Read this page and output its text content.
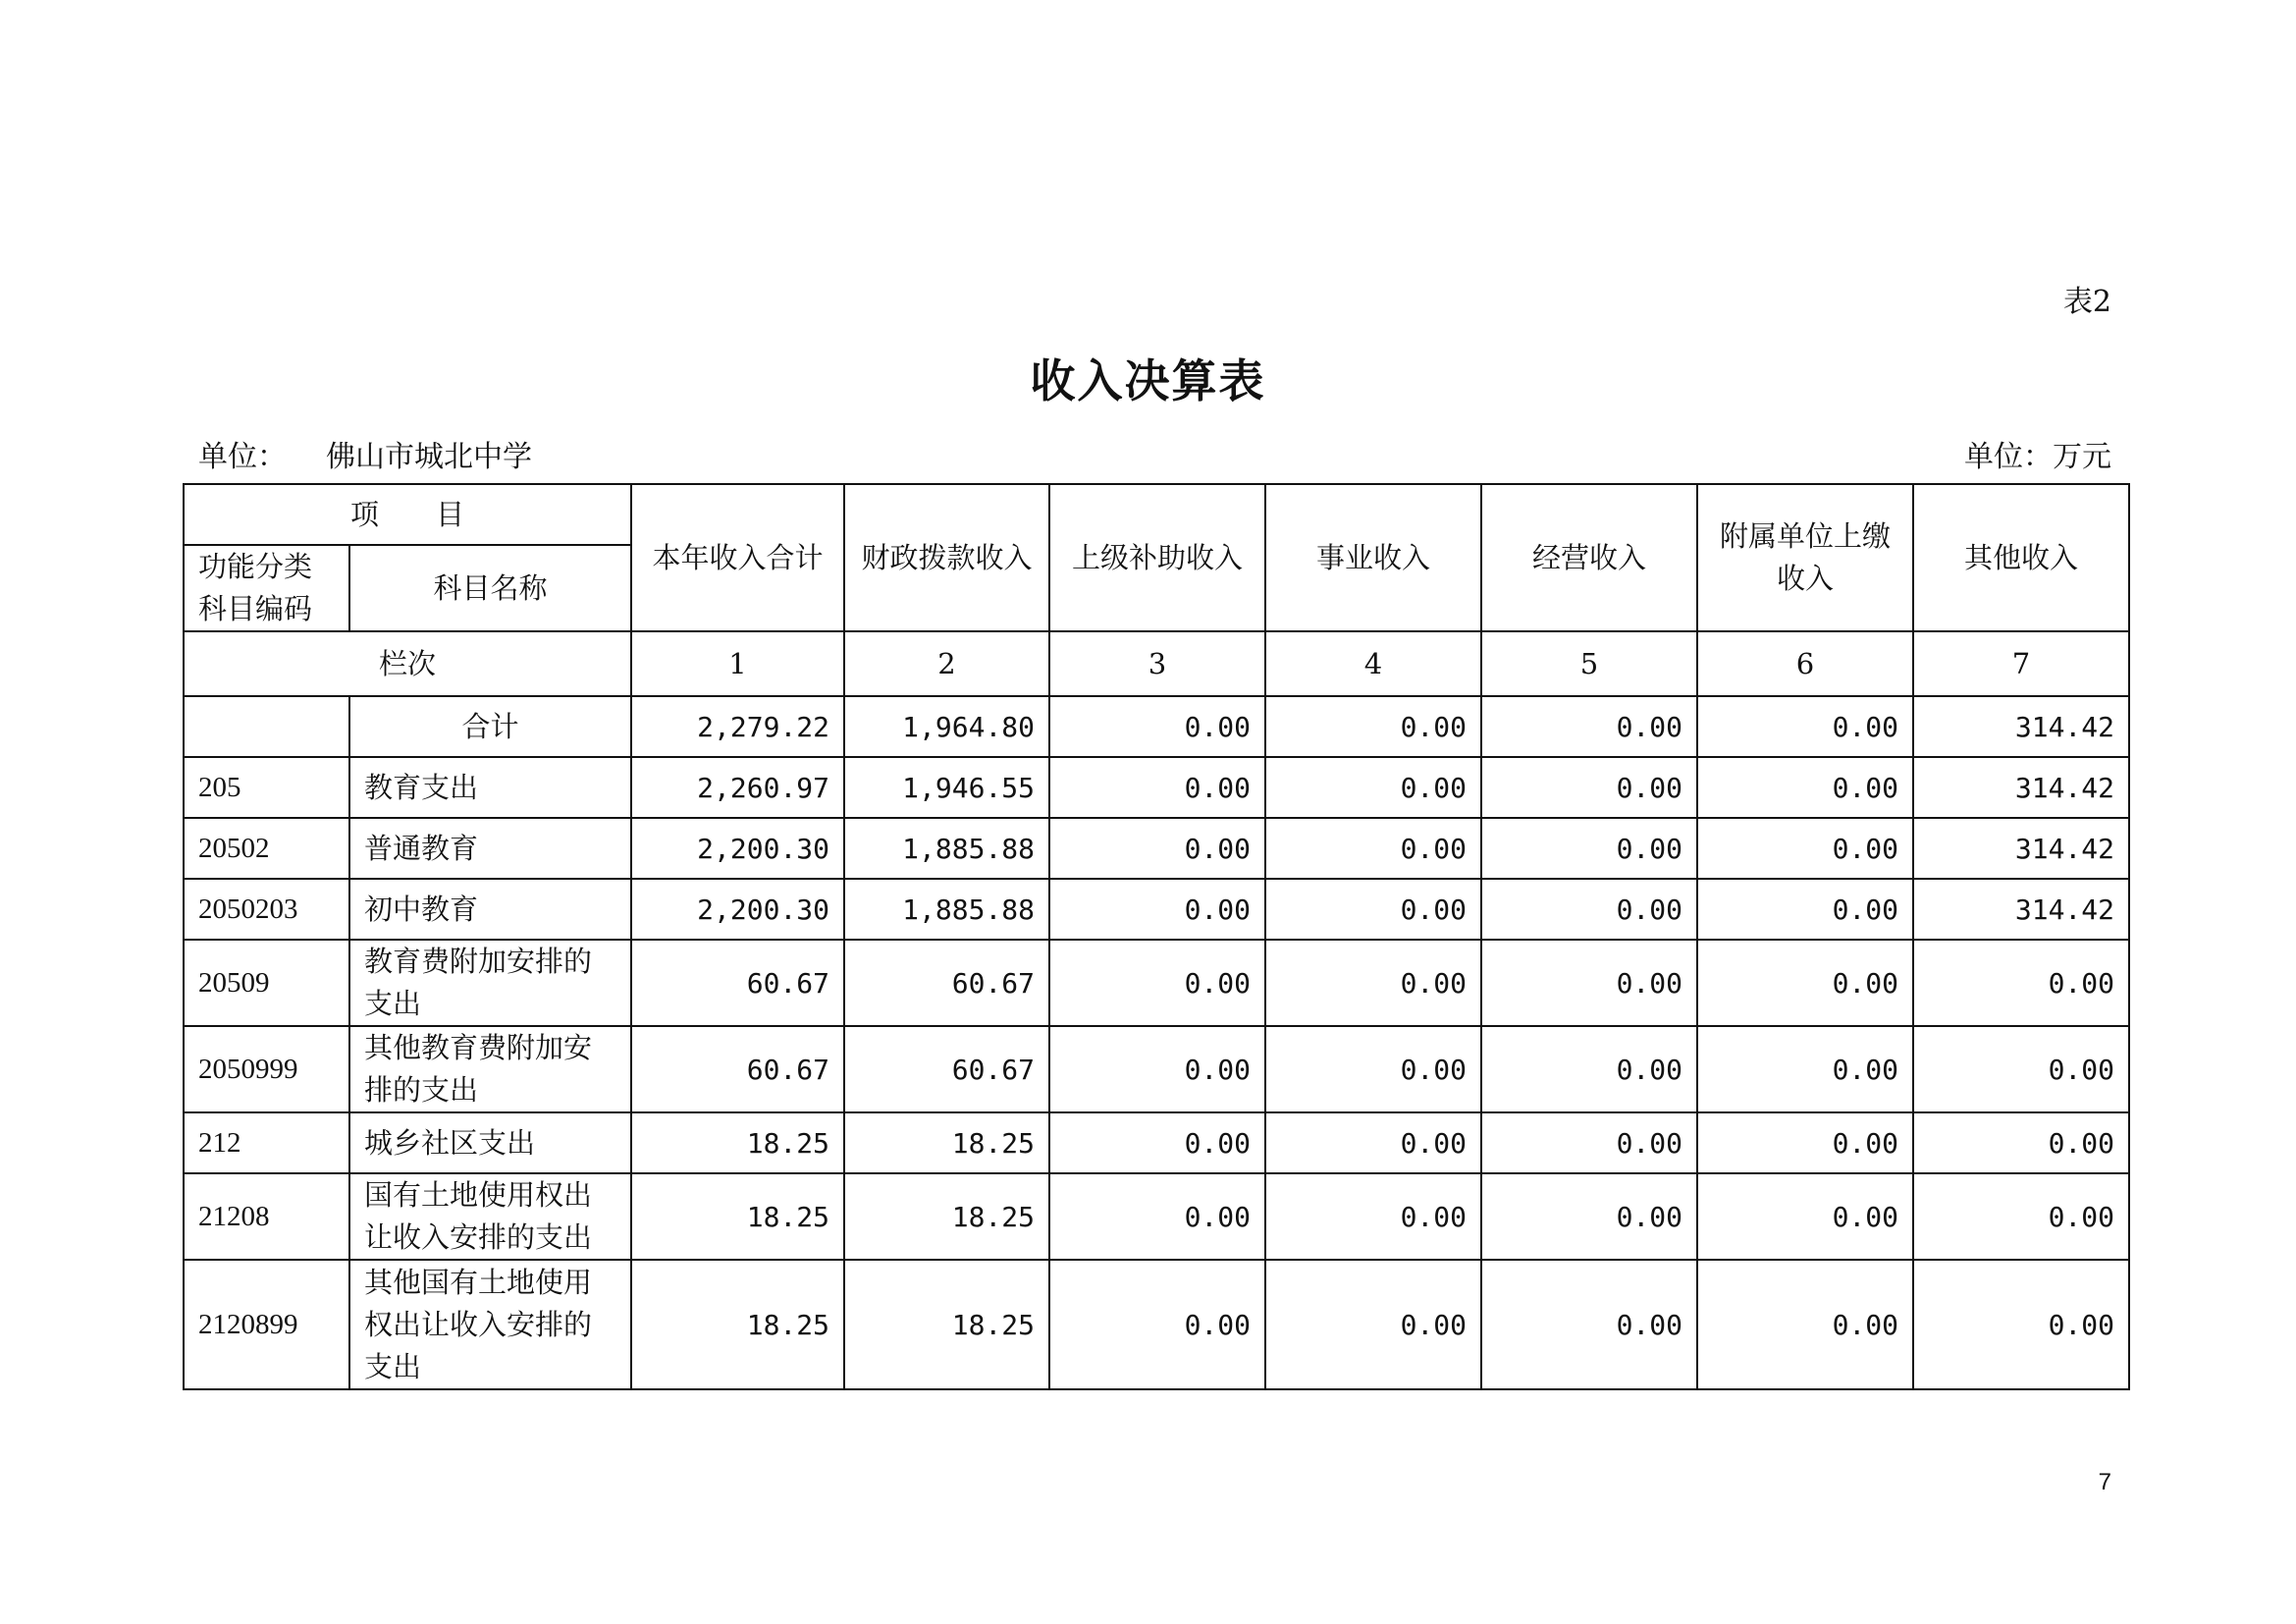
表2
收入决算表
单位： 佛山市城北中学	单位：万元
项　　目		本年收入合计	财政拨款收入	上级补助收入	事业收入	经营收入	附属单位上缴收入	其他收入
功能分类科目编码	科目名称							
栏次		1	2	3	4	5	6	7
	合计	2,279.22	1,964.80	0.00	0.00	0.00	0.00	314.42
205	教育支出	2,260.97	1,946.55	0.00	0.00	0.00	0.00	314.42
20502	普通教育	2,200.30	1,885.88	0.00	0.00	0.00	0.00	314.42
2050203	初中教育	2,200.30	1,885.88	0.00	0.00	0.00	0.00	314.42
20509	教育费附加安排的支出	60.67	60.67	0.00	0.00	0.00	0.00	0.00
2050999	其他教育费附加安排的支出	60.67	60.67	0.00	0.00	0.00	0.00	0.00
212	城乡社区支出	18.25	18.25	0.00	0.00	0.00	0.00	0.00
21208	国有土地使用权出让收入安排的支出	18.25	18.25	0.00	0.00	0.00	0.00	0.00
2120899	其他国有土地使用权出让收入安排的支出	18.25	18.25	0.00	0.00	0.00	0.00	0.00
7
